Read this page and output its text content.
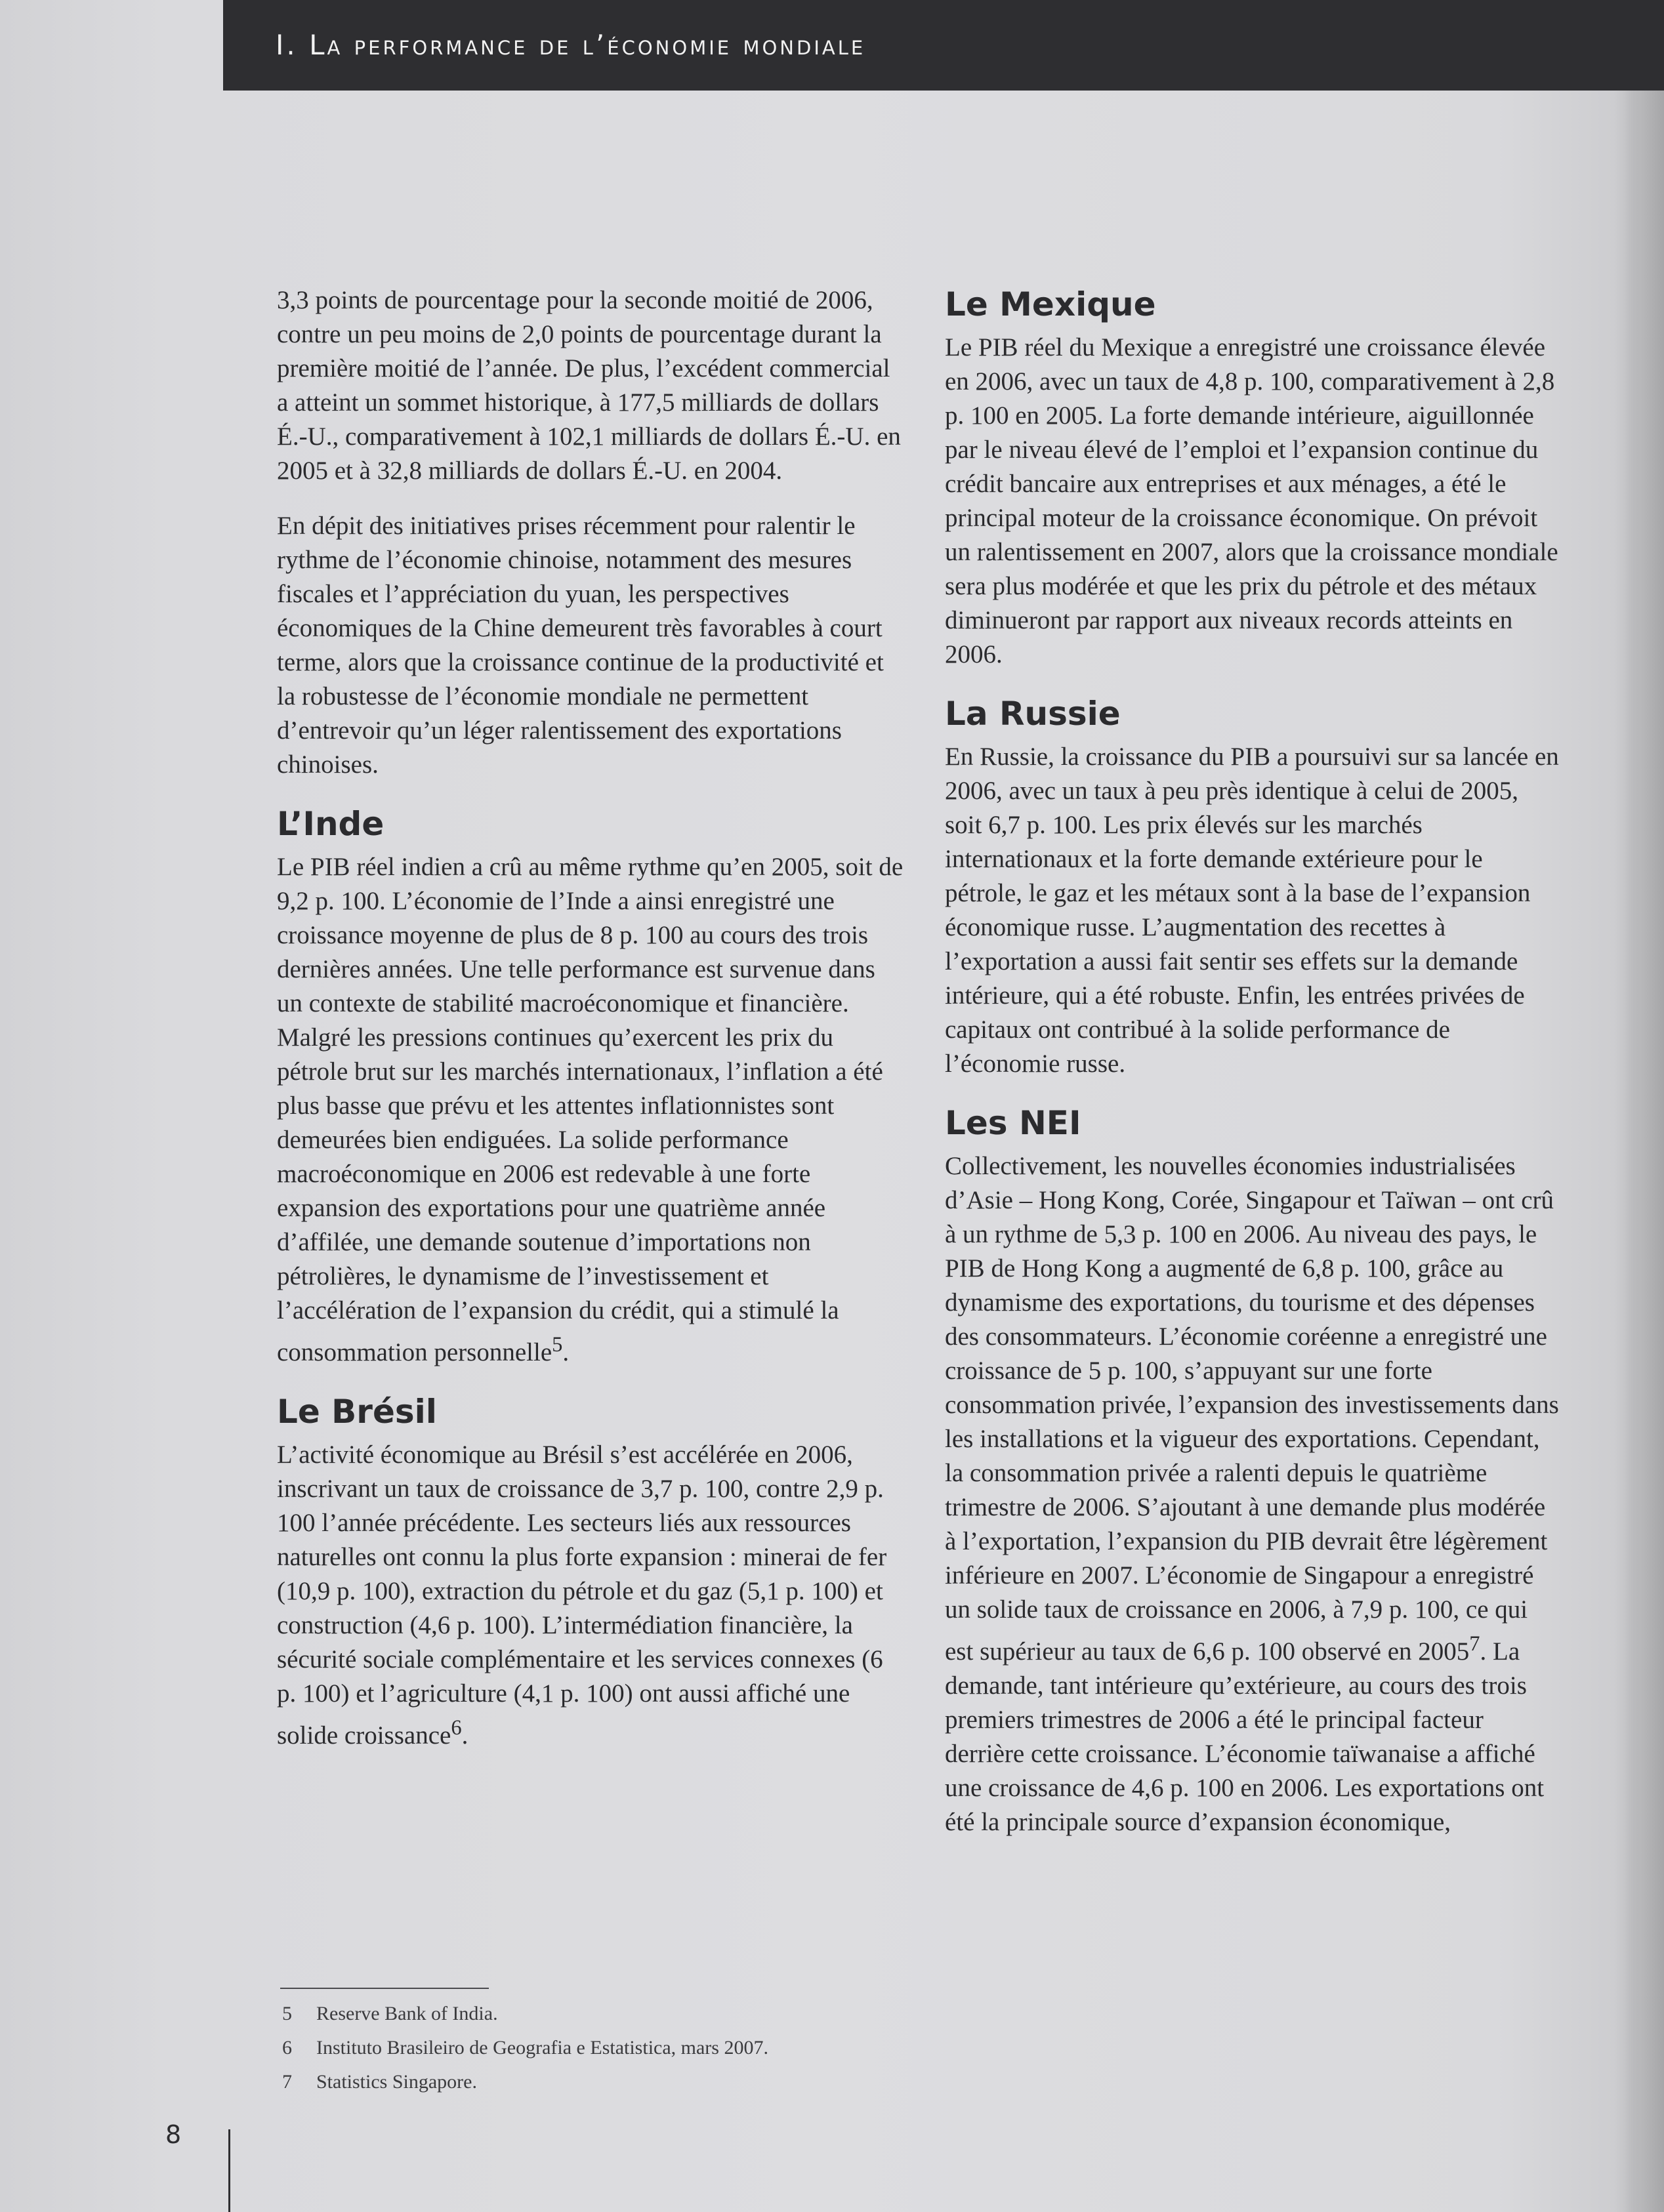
I. La performance de l’économie mondiale

3,3 points de pourcentage pour la seconde moitié de 2006, contre un peu moins de 2,0 points de pourcentage durant la première moitié de l’année. De plus, l’excédent commercial a atteint un sommet historique, à 177,5 milliards de dollars É.-U., comparativement à 102,1 milliards de dollars É.-U. en 2005 et à 32,8 milliards de dollars É.-U. en 2004.

En dépit des initiatives prises récemment pour ralentir le rythme de l’économie chinoise, notamment des mesures fiscales et l’appréciation du yuan, les perspectives économiques de la Chine demeurent très favorables à court terme, alors que la croissance continue de la productivité et la robustesse de l’économie mondiale ne permettent d’entrevoir qu’un léger ralentissement des exportations chinoises.

L’Inde

Le PIB réel indien a crû au même rythme qu’en 2005, soit de 9,2 p. 100. L’économie de l’Inde a ainsi enregistré une croissance moyenne de plus de 8 p. 100 au cours des trois dernières années. Une telle performance est survenue dans un contexte de stabilité macroéconomique et financière. Malgré les pressions continues qu’exercent les prix du pétrole brut sur les marchés internationaux, l’inflation a été plus basse que prévu et les attentes inflationnistes sont demeurées bien endiguées. La solide performance macroéconomique en 2006 est redevable à une forte expansion des exportations pour une quatrième année d’affilée, une demande soutenue d’importations non pétrolières, le dynamisme de l’investissement et l’accélération de l’expansion du crédit, qui a stimulé la consommation personnelle$^5$.

Le Brésil

L’activité économique au Brésil s’est accélérée en 2006, inscrivant un taux de croissance de 3,7 p. 100, contre 2,9 p. 100 l’année précédente. Les secteurs liés aux ressources naturelles ont connu la plus forte expansion : minerai de fer (10,9 p. 100), extraction du pétrole et du gaz (5,1 p. 100) et construction (4,6 p. 100). L’intermédiation financière, la sécurité sociale complémentaire et les services connexes (6 p. 100) et l’agriculture (4,1 p. 100) ont aussi affiché une solide croissance$^6$.

Le Mexique

Le PIB réel du Mexique a enregistré une croissance élevée en 2006, avec un taux de 4,8 p. 100, comparativement à 2,8 p. 100 en 2005. La forte demande intérieure, aiguillonnée par le niveau élevé de l’emploi et l’expansion continue du crédit bancaire aux entreprises et aux ménages, a été le principal moteur de la croissance économique. On prévoit un ralentissement en 2007, alors que la croissance mondiale sera plus modérée et que les prix du pétrole et des métaux diminueront par rapport aux niveaux records atteints en 2006.

La Russie

En Russie, la croissance du PIB a poursuivi sur sa lancée en 2006, avec un taux à peu près identique à celui de 2005, soit 6,7 p. 100. Les prix élevés sur les marchés internationaux et la forte demande extérieure pour le pétrole, le gaz et les métaux sont à la base de l’expansion économique russe. L’augmentation des recettes à l’exportation a aussi fait sentir ses effets sur la demande intérieure, qui a été robuste. Enfin, les entrées privées de capitaux ont contribué à la solide performance de l’économie russe.

Les NEI

Collectivement, les nouvelles économies industrialisées d’Asie – Hong Kong, Corée, Singapour et Taïwan – ont crû à un rythme de 5,3 p. 100 en 2006. Au niveau des pays, le PIB de Hong Kong a augmenté de 6,8 p. 100, grâce au dynamisme des exportations, du tourisme et des dépenses des consommateurs. L’économie coréenne a enregistré une croissance de 5 p. 100, s’appuyant sur une forte consommation privée, l’expansion des investissements dans les installations et la vigueur des exportations. Cependant, la consommation privée a ralenti depuis le quatrième trimestre de 2006. S’ajoutant à une demande plus modérée à l’exportation, l’expansion du PIB devrait être légèrement inférieure en 2007. L’économie de Singapour a enregistré un solide taux de croissance en 2006, à 7,9 p. 100, ce qui est supérieur au taux de 6,6 p. 100 observé en 2005$^7$. La demande, tant intérieure qu’extérieure, au cours des trois premiers trimestres de 2006 a été le principal facteur derrière cette croissance. L’économie taïwanaise a affiché une croissance de 4,6 p. 100 en 2006. Les exportations ont été la principale source d’expansion économique,

5 Reserve Bank of India.

6 Instituto Brasileiro de Geografia e Estatistica, mars 2007.

7 Statistics Singapore.

8
